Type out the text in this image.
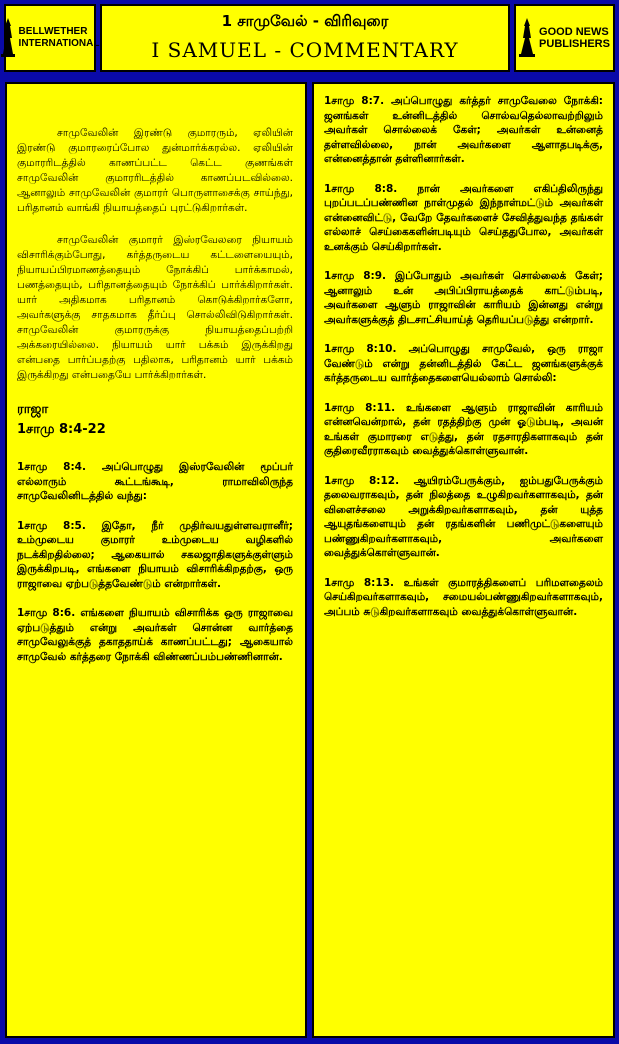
BELLWETHER
INTERNATIONAL
1 சாமுவேல் - விரிவுரை
I SAMUEL - COMMENTARY
GOOD NEWS
PUBLISHERS

சாமுவேலின் இரண்டு குமாரரும், ஏலியின் இரண்டு குமாரரைப்போல துன்மார்க்கரல்ல. ஏலியின் குமாரரிடத்தில் காணப்பட்ட கெட்ட குணங்கள் சாமுவேலின் குமாரரிடத்தில் காணப்படவில்லை. ஆனாலும் சாமுவேலின் குமாரர் பொருளாசைக்கு சாய்ந்து, பரிதானம் வாங்கி நியாயத்தைப் புரட்டுகிறார்கள்.

சாமுவேலின் குமாரர் இஸ்ரவேலரை நியாயம் விசாரிக்கும்போது, கர்த்தருடைய கட்டளையையும், நியாயப்பிரமாணத்தையும் நோக்கிப் பார்க்காமல், பணத்தையும், பரிதானத்தையும் நோக்கிப் பார்க்கிறார்கள். யார் அதிகமாக பரிதானம் கொடுக்கிறார்களோ, அவர்களுக்கு சாதகமாக தீர்ப்பு சொல்லிவிடுகிறார்கள். சாமுவேலின் குமாரருக்கு நியாயத்தைப்பற்றி அக்கரையில்லை. நியாயம் யார் பக்கம் இருக்கிறது என்பதை பார்ப்பதற்கு பதிலாக, பரிதானம் யார் பக்கம் இருக்கிறது என்பதையே பார்க்கிறார்கள்.

ராஜா
1சாமு 8:4-22

1சாமு 8:4. அப்பொழுது இஸ்ரவேலின் மூப்பர் எல்லாரும் கூட்டங்கூடி, ராமாவிலிருந்த சாமுவேலினிடத்தில் வந்து:

1சாமு 8:5. இதோ, நீர் முதிர்வயதுள்ளவரானீர்; உம்முடைய குமாரர் உம்முடைய வழிகளில் நடக்கிறதில்லை; ஆகையால் சகலஜாதிகளுக்குள்ளும் இருக்கிறபடி, எங்களை நியாயம் விசாரிக்கிறதற்கு, ஒரு ராஜாவை ஏற்படுத்தவேண்டும் என்றார்கள்.

1சாமு 8:6. எங்களை நியாயம் விசாரிக்க ஒரு ராஜாவை ஏற்படுத்தும் என்று அவர்கள் சொன்ன வார்த்தை சாமுவேலுக்குத் தகாததாய்க் காணப்பட்டது; ஆகையால் சாமுவேல் கர்த்தரை நோக்கி விண்ணப்பம்பண்ணினான்.

1சாமு 8:7. அப்பொழுது கர்த்தர் சாமுவேலை நோக்கி: ஜனங்கள் உன்னிடத்தில் சொல்வதெல்லாவற்றிலும் அவர்கள் சொல்லைக் கேள்; அவர்கள் உன்னைத் தள்ளவில்லை, நான் அவர்களை ஆளாதபடிக்கு, என்னைத்தான் தள்ளினார்கள்.

1சாமு 8:8. நான் அவர்களை எகிப்திலிருந்து புறப்படப்பண்ணின நாள்முதல் இந்நாள்மட்டும் அவர்கள் என்னைவிட்டு, வேறே தேவர்களைச் சேவித்துவந்த தங்கள் எல்லாச் செய்கைகளின்படியும் செய்ததுபோல, அவர்கள் உனக்கும் செய்கிறார்கள்.

1சாமு 8:9. இப்போதும் அவர்கள் சொல்லைக் கேள்; ஆனாலும் உன் அபிப்பிராயத்தைக் காட்டும்படி, அவர்களை ஆளும் ராஜாவின் காரியம் இன்னது என்று அவர்களுக்குத் திடசாட்சியாய்த் தெரியப்படுத்து என்றார்.

1சாமு 8:10. அப்பொழுது சாமுவேல், ஒரு ராஜா வேண்டும் என்று தன்னிடத்தில் கேட்ட ஜனங்களுக்குக் கர்த்தருடைய வார்த்தைகளையெல்லாம் சொல்லி:

1சாமு 8:11. உங்களை ஆளும் ராஜாவின் காரியம் என்னவென்றால், தன் ரதத்திற்கு முன் ஓடும்படி, அவன் உங்கள் குமாரரை எடுத்து, தன் ரதசாரதிகளாகவும் தன் குதிரைவீரராகவும் வைத்துக்கொள்ளுவான்.

1சாமு 8:12. ஆயிரம்பேருக்கும், ஐம்பதுபேருக்கும் தலைவராகவும், தன் நிலத்தை உழுகிறவர்களாகவும், தன் விளைச்சலை அறுக்கிறவர்களாகவும், தன் யுத்த ஆயுதங்களையும் தன் ரதங்களின் பணிமுட்டுகளையும் பண்ணுகிறவர்களாகவும், அவர்களை வைத்துக்கொள்ளுவான்.

1சாமு 8:13. உங்கள் குமாரத்திகளைப் பரிமளதைலம் செய்கிறவர்களாகவும், சமையல்பண்ணுகிறவர்களாகவும், அப்பம் சுடுகிறவர்களாகவும் வைத்துக்கொள்ளுவான்.
